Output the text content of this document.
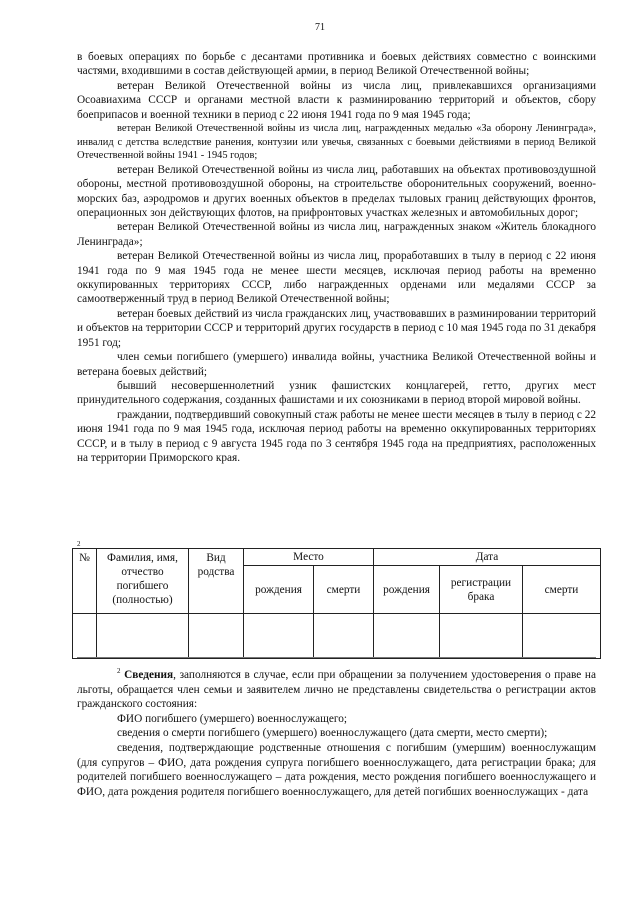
71

в боевых операциях по борьбе с десантами противника и боевых действиях совместно с воинскими частями, входившими в состав действующей армии, в период Великой Отечественной войны;

ветеран Великой Отечественной войны из числа лиц, привлекавшихся организациями Осоавиахима СССР и органами местной власти к разминированию территорий и объектов, сбору боеприпасов и военной техники в период с 22 июня 1941 года по 9 мая 1945 года;

ветеран Великой Отечественной войны из числа лиц, награжденных медалью «За оборону Ленинграда», инвалид с детства вследствие ранения, контузии или увечья, связанных с боевыми действиями в период Великой Отечественной войны 1941 - 1945 годов;

ветеран Великой Отечественной войны из числа лиц, работавших на объектах противовоздушной обороны, местной противовоздушной обороны, на строительстве оборонительных сооружений, военно-морских баз, аэродромов и других военных объектов в пределах тыловых границ действующих фронтов, операционных зон действующих флотов, на прифронтовых участках железных и автомобильных дорог;

ветеран Великой Отечественной войны из числа лиц, награжденных знаком «Житель блокадного Ленинграда»;

ветеран Великой Отечественной войны из числа лиц, проработавших в тылу в период с 22 июня 1941 года по 9 мая 1945 года не менее шести месяцев, исключая период работы на временно оккупированных территориях СССР, либо награжденных орденами или медалями СССР за самоотверженный труд в период Великой Отечественной войны;

ветеран боевых действий из числа гражданских лиц, участвовавших в разминировании территорий и объектов на территории СССР и территорий других государств в период с 10 мая 1945 года по 31 декабря 1951 год;

член семьи погибшего (умершего) инвалида войны, участника Великой Отечественной войны и ветерана боевых действий;

бывший несовершеннолетний узник фашистских концлагерей, гетто, других мест принудительного содержания, созданных фашистами и их союзниками в период второй мировой войны.

граждании, подтвердивший совокупный стаж работы не менее шести месяцев в тылу в период с 22 июня 1941 года по 9 мая 1945 года, исключая период работы на временно оккупированных территориях СССР, и в тылу в период с 9 августа 1945 года по 3 сентября 1945 года на предприятиях, расположенных на территории Приморского края.

2
№	Фамилия, имя, отчество погибшего (полностью)	Вид родства	Место		Дата		
			рождения	смерти	рождения	регистрации брака	смерти

$^2$ Сведения, заполняются в случае, если при обращении за получением удостоверения о праве на льготы, обращается член семьи и заявителем лично не представлены свидетельства о регистрации актов гражданского состояния:

ФИО погибшего (умершего) военнослужащего;

сведения о смерти погибшего (умершего) военнослужащего (дата смерти, место смерти);

сведения, подтверждающие родственные отношения с погибшим (умершим) военнослужащим (для супругов – ФИО, дата рождения супруга погибшего военнослужащего, дата регистрации брака; для родителей погибшего военнослужащего – дата рождения, место рождения погибшего военнослужащего и ФИО, дата рождения родителя погибшего военнослужащего, для детей погибших военнослужащих - дата
